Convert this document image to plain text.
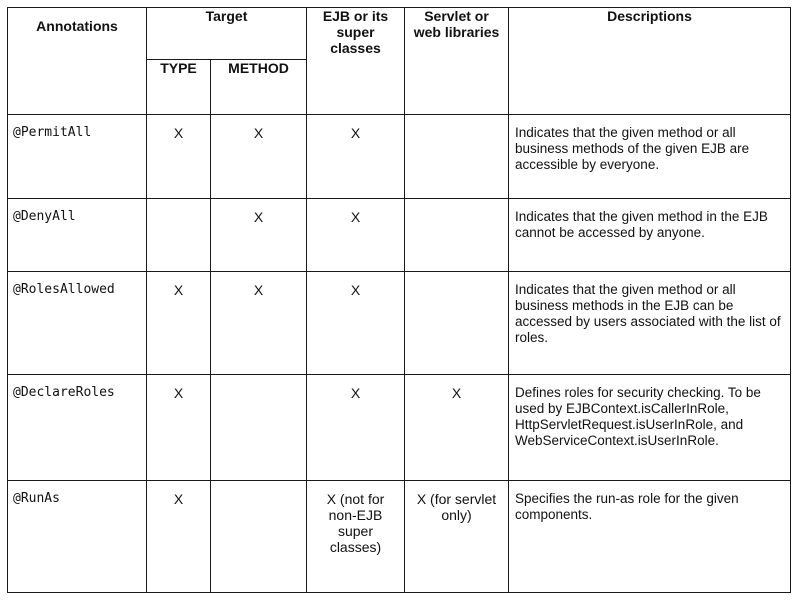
Annotations	Target		EJB or its super classes	Servlet or web libraries	Descriptions
	TYPE	METHOD			
@PermitAll	X	X	X		Indicates that the given method or all business methods of the given EJB are accessible by everyone.
@DenyAll		X	X		Indicates that the given method in the EJB cannot be accessed by anyone.
@RolesAllowed	X	X	X		Indicates that the given method or all business methods in the EJB can be accessed by users associated with the list of roles.
@DeclareRoles	X		X	X	Defines roles for security checking. To be used by EJBContext.isCallerInRole, HttpServletRequest.isUserInRole, and WebServiceContext.isUserInRole.
@RunAs	X		X (not for non-EJB super classes)	X (for servlet only)	Specifies the run-as role for the given components.
